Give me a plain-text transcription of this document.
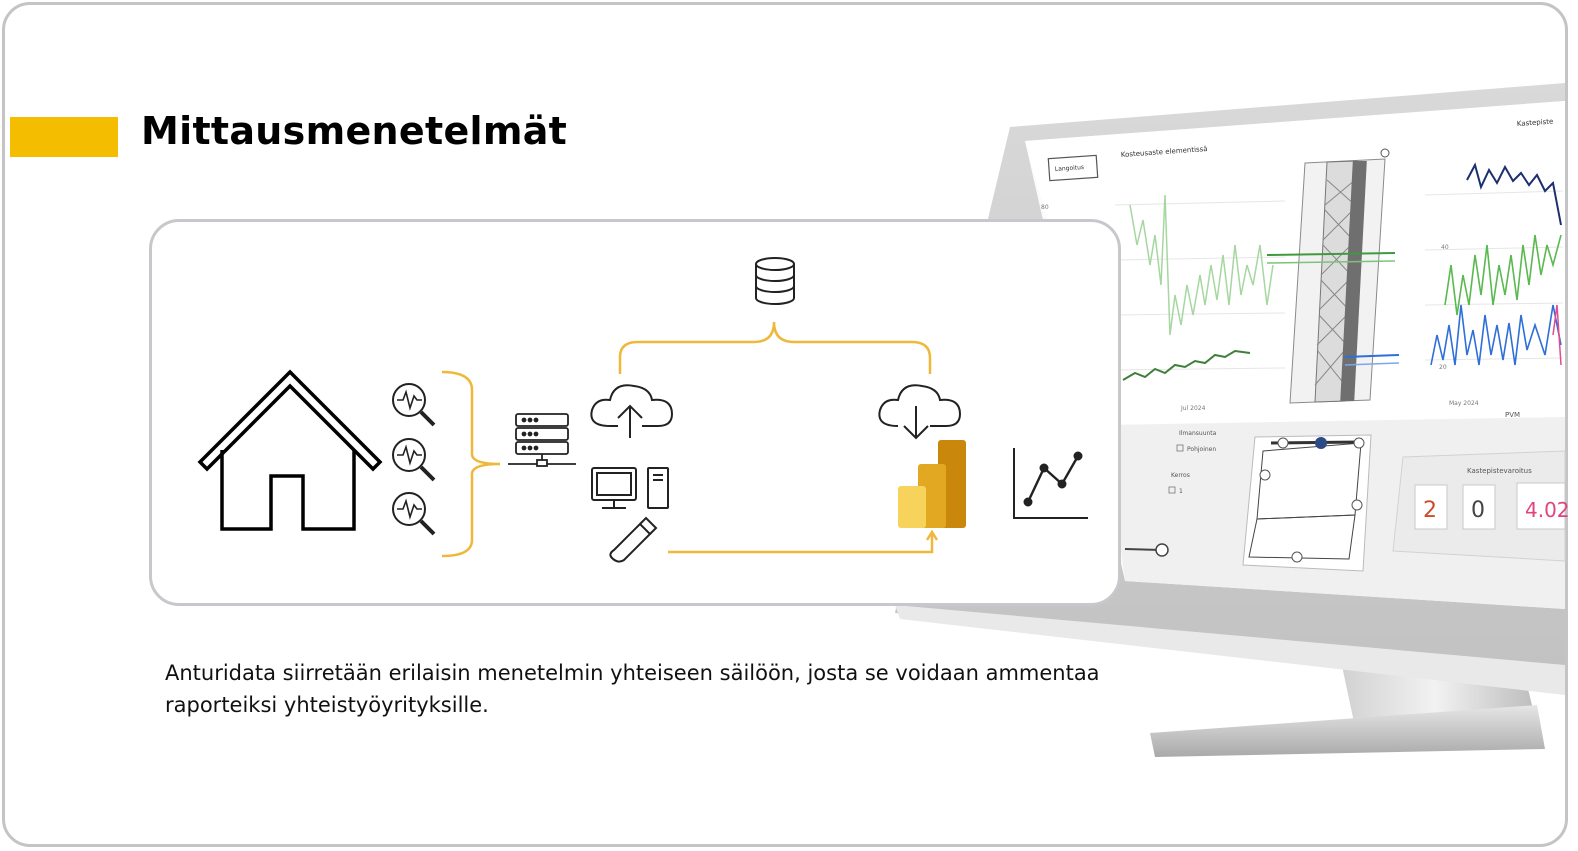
Kosteusaste elementissä
Kastepiste
Langoitus
80
40
20
Jul 2024
May 2024
PVM
Ilmansuunta
Pohjoinen
Kerros
1
Kastepistevaroitus
2 0 4.02
Mittausmenetelmät
Anturidata siirretään erilaisin menetelmin yhteiseen säilöön, josta se voidaan ammentaa
raporteiksi yhteistyöyrityksille.
